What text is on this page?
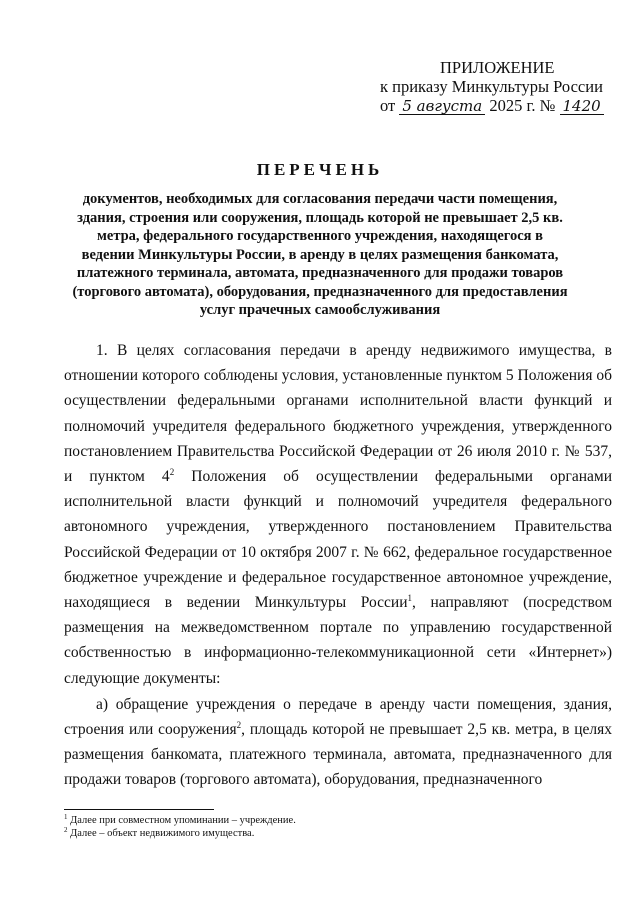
ПРИЛОЖЕНИЕ
к приказу Минкультуры России
от 5 августа 2025 г. № 1420
ПЕРЕЧЕНЬ
документов, необходимых для согласования передачи части помещения, здания, строения или сооружения, площадь которой не превышает 2,5 кв. метра, федерального государственного учреждения, находящегося в ведении Минкультуры России, в аренду в целях размещения банкомата, платежного терминала, автомата, предназначенного для продажи товаров (торгового автомата), оборудования, предназначенного для предоставления услуг прачечных самообслуживания

1. В целях согласования передачи в аренду недвижимого имущества, в отношении которого соблюдены условия, установленные пунктом 5 Положения об осуществлении федеральными органами исполнительной власти функций и полномочий учредителя федерального бюджетного учреждения, утвержденного постановлением Правительства Российской Федерации от 26 июля 2010 г. № 537, и пунктом $4^2$ Положения об осуществлении федеральными органами исполнительной власти функций и полномочий учредителя федерального автономного учреждения, утвержденного постановлением Правительства Российской Федерации от 10 октября 2007 г. № 662, федеральное государственное бюджетное учреждение и федеральное государственное автономное учреждение, находящиеся в ведении Минкультуры России$^1$, направляют (посредством размещения на межведомственном портале по управлению государственной собственностью в информационно-телекоммуникационной сети «Интернет») следующие документы:

а) обращение учреждения о передаче в аренду части помещения, здания, строения или сооружения$^2$, площадь которой не превышает 2,5 кв. метра, в целях размещения банкомата, платежного терминала, автомата, предназначенного для продажи товаров (торгового автомата), оборудования, предназначенного

$^1$ Далее при совместном упоминании – учреждение.
$^2$ Далее – объект недвижимого имущества.
